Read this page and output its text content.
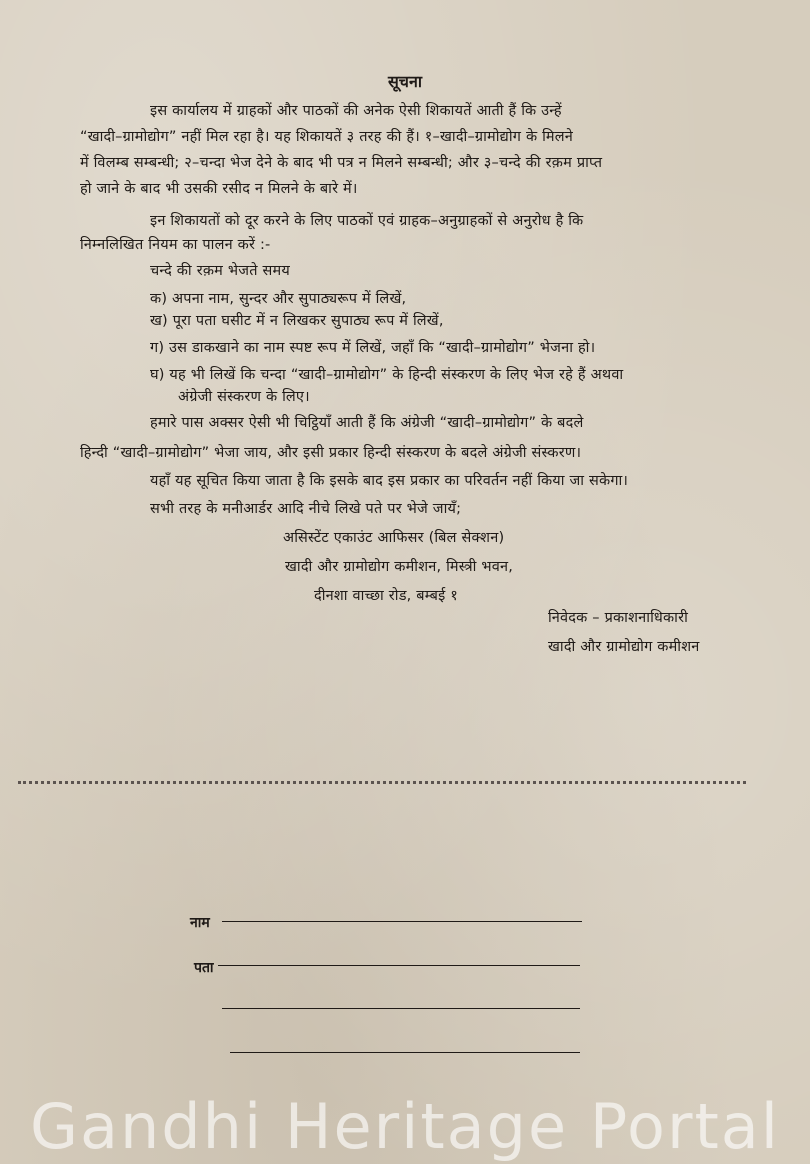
सूचना
इस कार्यालय में ग्राहकों और पाठकों की अनेक ऐसी शिकायतें आती हैं कि उन्हें
“खादी–ग्रामोद्योग” नहीं मिल रहा है। यह शिकायतें ३ तरह की हैं। १–खादी–ग्रामोद्योग के मिलने
में विलम्ब सम्बन्धी; २–चन्दा भेज देने के बाद भी पत्र न मिलने सम्बन्धी; और ३–चन्दे की रक़म प्राप्त
हो जाने के बाद भी उसकी रसीद न मिलने के बारे में।
इन शिकायतों को दूर करने के लिए पाठकों एवं ग्राहक–अनुग्राहकों से अनुरोध है कि
निम्नलिखित नियम का पालन करें :-
चन्दे की रक़म भेजते समय
क) अपना नाम, सुन्दर और सुपाठ्यरूप में लिखें,
ख) पूरा पता घसीट में न लिखकर सुपाठ्य रूप में लिखें,
ग) उस डाकखाने का नाम स्पष्ट रूप में लिखें, जहाँ कि “खादी–ग्रामोद्योग” भेजना हो।
घ) यह भी लिखें कि चन्दा “खादी–ग्रामोद्योग” के हिन्दी संस्करण के लिए भेज रहे हैं अथवा
अंग्रेजी संस्करण के लिए।
हमारे पास अक्सर ऐसी भी चिट्ठियाँ आती हैं कि अंग्रेजी “खादी–ग्रामोद्योग” के बदले
हिन्दी “खादी–ग्रामोद्योग” भेजा जाय, और इसी प्रकार हिन्दी संस्करण के बदले अंग्रेजी संस्करण।
यहाँ यह सूचित किया जाता है कि इसके बाद इस प्रकार का परिवर्तन नहीं किया जा सकेगा।
सभी तरह के मनीआर्डर आदि नीचे लिखे पते पर भेजे जायँ;
असिस्टेंट एकाउंट आफिसर (बिल सेक्शन)
खादी और ग्रामोद्योग कमीशन, मिस्त्री भवन,
दीनशा वाच्छा रोड, बम्बई १
निवेदक – प्रकाशनाधिकारी
खादी और ग्रामोद्योग कमीशन
नाम
पता
Gandhi Heritage Portal
